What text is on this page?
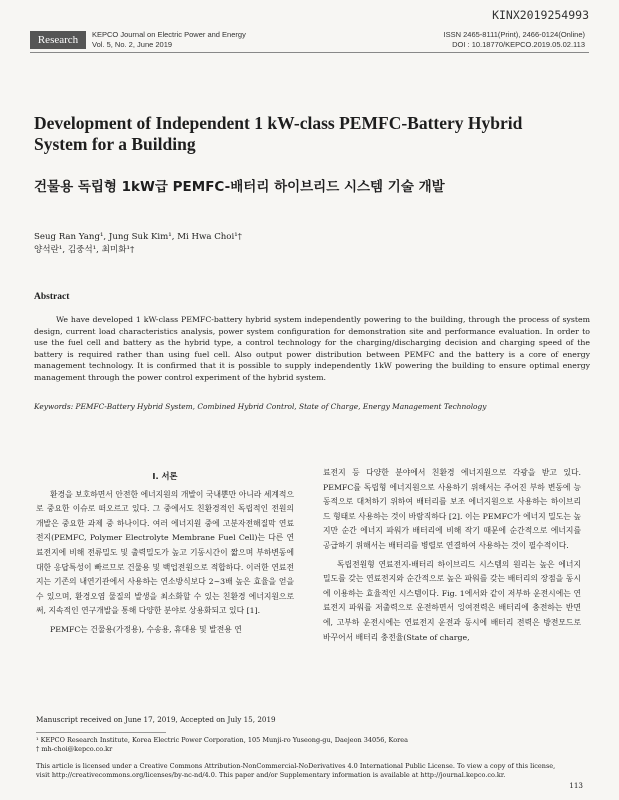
KINX2019254993
Research	KEPCO Journal on Electric Power and Energy
Vol. 5, No. 2, June 2019
ISSN 2465-8111(Print), 2466-0124(Online)
DOI : 10.18770/KEPCO.2019.05.02.113
Development of Independent 1 kW-class PEMFC-Battery Hybrid System for a Building
건물용 독립형 1kW급 PEMFC-배터리 하이브리드 시스템 기술 개발
Seug Ran Yang¹, Jung Suk Kim¹, Mi Hwa Choi¹†
양석란¹, 김중석¹, 최미화¹†
Abstract
We have developed 1 kW-class PEMFC-battery hybrid system independently powering to the building, through the process of system design, current load characteristics analysis, power system configuration for demonstration site and performance evaluation. In order to use the fuel cell and battery as the hybrid type, a control technology for the charging/discharging decision and charging speed of the battery is required rather than using fuel cell. Also output power distribution between PEMFC and the battery is a core of energy management technology. It is confirmed that it is possible to supply independently 1kW powering the building to ensure optimal energy management through the power control experiment of the hybrid system.
Keywords: PEMFC-Battery Hybrid System, Combined Hybrid Control, State of Charge, Energy Management Technology

I. 서론

환경을 보호하면서 안전한 에너지원의 개발이 국내뿐만 아니라 세계적으로 중요한 이슈로 떠오르고 있다. 그 중에서도 친환경적인 독립적인 전원의 개발은 중요한 과제 중 하나이다. 여러 에너지원 중에 고분자전해질막 연료전지(PEMFC, Polymer Electrolyte Membrane Fuel Cell)는 다른 연료전지에 비해 전류밀도 및 출력밀도가 높고 기동시간이 짧으며 부하변동에 대한 응답특성이 빠르므로 건물용 및 백업전원으로 적합하다. 이러한 연료전지는 기존의 내연기관에서 사용하는 연소방식보다 2~3배 높은 효율을 얻을 수 있으며, 환경오염 물질의 발생을 최소화할 수 있는 친환경 에너지원으로써, 지속적인 연구개발을 통해 다양한 분야로 상용화되고 있다 [1].

PEMFC는 건물용(가정용), 수송용, 휴대용 및 발전용 연

료전지 등 다양한 분야에서 친환경 에너지원으로 각광을 받고 있다. PEMFC를 독립형 에너지원으로 사용하기 위해서는 주어진 부하 변동에 능동적으로 대처하기 위하여 배터리를 보조 에너지원으로 사용하는 하이브리드 형태로 사용하는 것이 바람직하다 [2]. 이는 PEMFC가 에너지 밀도는 높지만 순간 에너지 파워가 배터리에 비해 작기 때문에 순간적으로 에너지를 공급하기 위해서는 배터리를 병렬로 연결하여 사용하는 것이 필수적이다.

독립전원형 연료전지-배터리 하이브리드 시스템의 원리는 높은 에너지 밀도를 갖는 연료전지와 순간적으로 높은 파워를 갖는 배터리의 장점을 동시에 이용하는 효율적인 시스템이다. Fig. 1에서와 같이 저부하 운전시에는 연료전지 파워를 저출력으로 운전하면서 잉여전력은 배터리에 충전하는 반면에, 고부하 운전시에는 연료전지 운전과 동시에 배터리 전력은 방전모드로 바꾸어서 배터리 충전율(State of charge,

Manuscript received on June 17, 2019, Accepted on July 15, 2019
¹ KEPCO Research Institute, Korea Electric Power Corporation, 105 Munji-ro Yuseong-gu, Daejeon 34056, Korea
† mh-choi@kepco.co.kr
This article is licensed under a Creative Commons Attribution-NonCommercial-NoDerivatives 4.0 International Public License. To view a copy of this license,
visit http://creativecommons.org/licenses/by-nc-nd/4.0. This paper and/or Supplementary information is available at http://journal.kepco.co.kr.
113
